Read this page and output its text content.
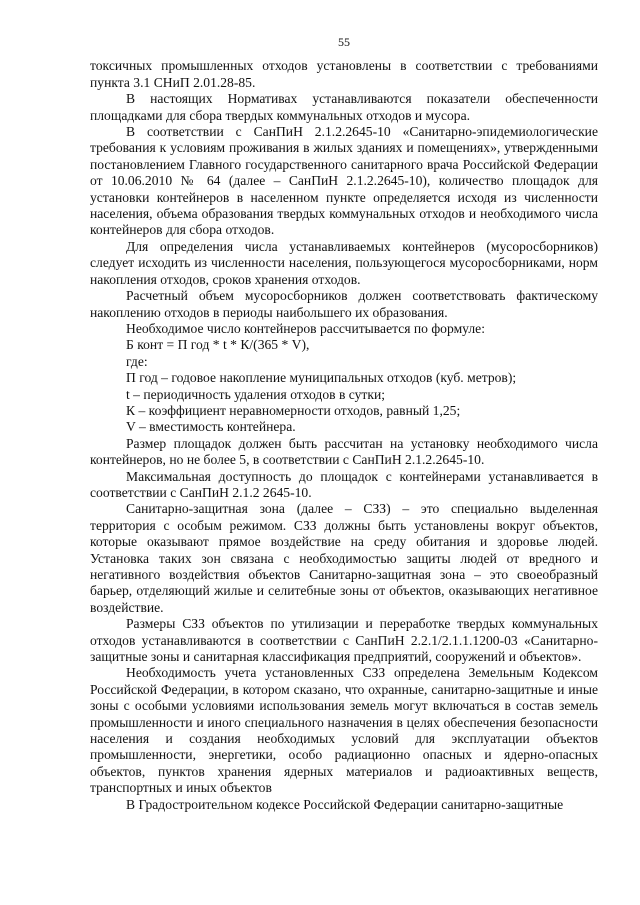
55

токсичных промышленных отходов установлены в соответствии с требованиями пункта 3.1 СНиП 2.01.28-85.

В настоящих Нормативах устанавливаются показатели обеспеченности площадками для сбора твердых коммунальных отходов и мусора.

В соответствии с СанПиН 2.1.2.2645-10 «Санитарно-эпидемиологические требования к условиям проживания в жилых зданиях и помещениях», утвержденными постановлением Главного государственного санитарного врача Российской Федерации от 10.06.2010 № 64 (далее – СанПиН 2.1.2.2645-10), количество площадок для установки контейнеров в населенном пункте определяется исходя из численности населения, объема образования твердых коммунальных отходов и необходимого числа контейнеров для сбора отходов.

Для определения числа устанавливаемых контейнеров (мусоросборников) следует исходить из численности населения, пользующегося мусоросборниками, норм накопления отходов, сроков хранения отходов.

Расчетный объем мусоросборников должен соответствовать фактическому накоплению отходов в периоды наибольшего их образования.

Необходимое число контейнеров рассчитывается по формуле:

Б конт = П год * t * К/(365 * V),

где:

П год – годовое накопление муниципальных отходов (куб. метров);

t – периодичность удаления отходов в сутки;

К – коэффициент неравномерности отходов, равный 1,25;

V – вместимость контейнера.

Размер площадок должен быть рассчитан на установку необходимого числа контейнеров, но не более 5, в соответствии с СанПиН 2.1.2.2645-10.

Максимальная доступность до площадок с контейнерами устанавливается в соответствии с СанПиН 2.1.2 2645-10.

Санитарно-защитная зона (далее – СЗЗ) – это специально выделенная территория с особым режимом. СЗЗ должны быть установлены вокруг объектов, которые оказывают прямое воздействие на среду обитания и здоровье людей. Установка таких зон связана с необходимостью защиты людей от вредного и негативного воздействия объектов Санитарно-защитная зона – это своеобразный барьер, отделяющий жилые и селитебные зоны от объектов, оказывающих негативное воздействие.

Размеры СЗЗ объектов по утилизации и переработке твердых коммунальных отходов устанавливаются в соответствии с СанПиН 2.2.1/2.1.1.1200-03 «Санитарно-защитные зоны и санитарная классификация предприятий, сооружений и объектов».

Необходимость учета установленных СЗЗ определена Земельным Кодексом Российской Федерации, в котором сказано, что охранные, санитарно-защитные и иные зоны с особыми условиями использования земель могут включаться в состав земель промышленности и иного специального назначения в целях обеспечения безопасности населения и создания необходимых условий для эксплуатации объектов промышленности, энергетики, особо радиационно опасных и ядерно-опасных объектов, пунктов хранения ядерных материалов и радиоактивных веществ, транспортных и иных объектов

В Градостроительном кодексе Российской Федерации санитарно-защитные
